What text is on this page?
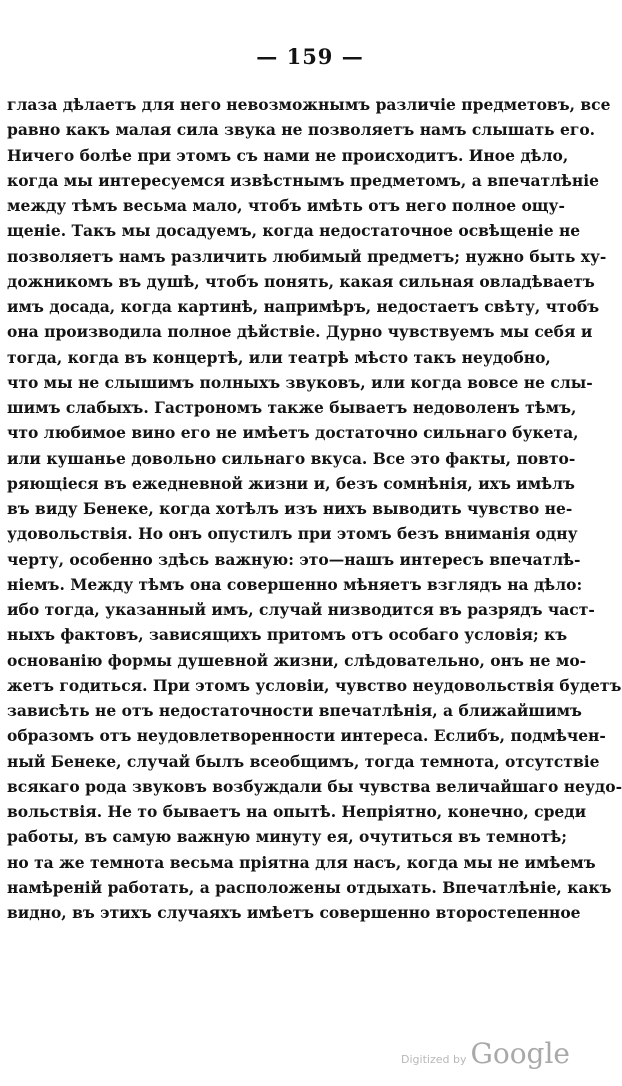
— 159 —
глаза дѣлаетъ для него невозможнымъ различіе предметовъ, все
равно какъ малая сила звука не позволяетъ намъ слышать его.
Ничего болѣе при этомъ съ нами не происходитъ. Иное дѣло,
когда мы интересуемся извѣстнымъ предметомъ, а впечатлѣніе
между тѣмъ весьма мало, чтобъ имѣть отъ него полное ощу-
щеніе. Такъ мы досадуемъ, когда недостаточное освѣщеніе не
позволяетъ намъ различить любимый предметъ; нужно быть ху-
дожникомъ въ душѣ, чтобъ понять, какая сильная овладѣваетъ
имъ досада, когда картинѣ, напримѣръ, недостаетъ свѣту, чтобъ
она производила полное дѣйствіе. Дурно чувствуемъ мы себя и
тогда, когда въ концертѣ, или театрѣ мѣсто такъ неудобно,
что мы не слышимъ полныхъ звуковъ, или когда вовсе не слы-
шимъ слабыхъ. Гастрономъ также бываетъ недоволенъ тѣмъ,
что любимое вино его не имѣетъ достаточно сильнаго букета,
или кушанье довольно сильнаго вкуса. Все это факты, повто-
ряющіеся въ ежедневной жизни и, безъ сомнѣнія, ихъ имѣлъ
въ виду Бенеке, когда хотѣлъ изъ нихъ выводить чувство не-
удовольствія. Но онъ опустилъ при этомъ безъ вниманія одну
черту, особенно здѣсь важную: это—нашъ интересъ впечатлѣ-
ніемъ. Между тѣмъ она совершенно мѣняетъ взглядъ на дѣло:
ибо тогда, указанный имъ, случай низводится въ разрядъ част-
ныхъ фактовъ, зависящихъ притомъ отъ особаго условія; къ
основанію формы душевной жизни, слѣдовательно, онъ не мо-
жетъ годиться. При этомъ условіи, чувство неудовольствія будетъ
зависѣть не отъ недостаточности впечатлѣнія, а ближайшимъ
образомъ отъ неудовлетворенности интереса. Еслибъ, подмѣчен-
ный Бенеке, случай былъ всеобщимъ, тогда темнота, отсутствіе
всякаго рода звуковъ возбуждали бы чувства величайшаго неудо-
вольствія. Не то бываетъ на опытѣ. Непріятно, конечно, среди
работы, въ самую важную минуту ея, очутиться въ темнотѣ;
но та же темнота весьма пріятна для насъ, когда мы не имѣемъ
намѣреній работать, а расположены отдыхать. Впечатлѣніе, какъ
видно, въ этихъ случаяхъ имѣетъ совершенно второстепенное
Digitized by Google
